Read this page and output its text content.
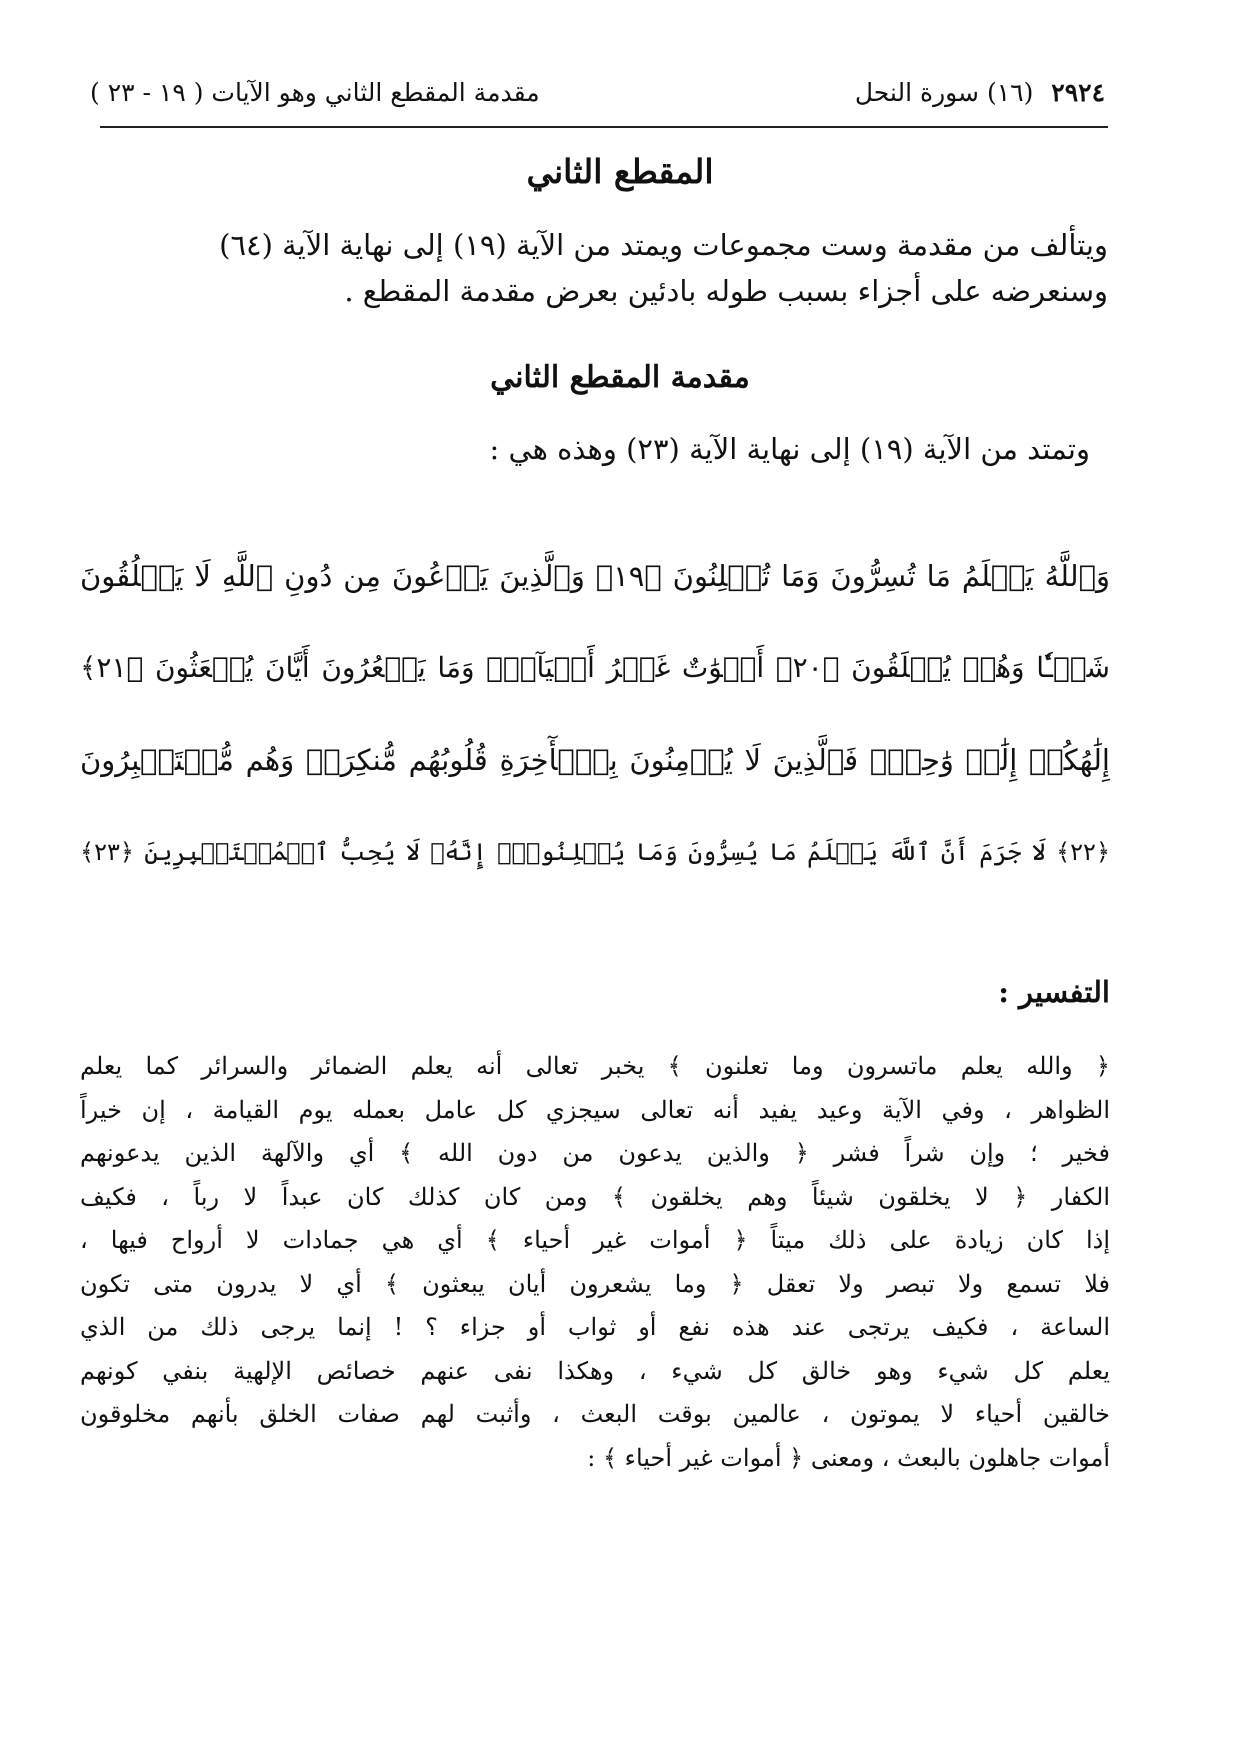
٢٩٢٤ (١٦) سورة النحل
مقدمة المقطع الثاني وهو الآيات ( ١٩ - ٢٣ )
المقطع الثاني
ويتألف من مقدمة وست مجموعات ويمتد من الآية (١٩) إلى نهاية الآية (٦٤)
وسنعرضه على أجزاء بسبب طوله بادئين بعرض مقدمة المقطع .
مقدمة المقطع الثاني
وتمتد من الآية (١٩) إلى نهاية الآية (٢٣) وهذه هي :
وَٱللَّهُ يَعۡلَمُ مَا تُسِرُّونَ وَمَا تُعۡلِنُونَ ﴿١٩﴾ وَٱلَّذِينَ يَدۡعُونَ مِن دُونِ ٱللَّهِ لَا يَخۡلُقُونَ
شَيۡـٔٗا وَهُمۡ يُخۡلَقُونَ ﴿٢٠﴾ أَمۡوَٰتٌ غَيۡرُ أَحۡيَآءٖۖ وَمَا يَشۡعُرُونَ أَيَّانَ يُبۡعَثُونَ ﴿٢١﴾
إِلَٰهُكُمۡ إِلَٰهٞ وَٰحِدٞۚ فَٱلَّذِينَ لَا يُؤۡمِنُونَ بِٱلۡأٓخِرَةِ قُلُوبُهُم مُّنكِرَةٞ وَهُم مُّسۡتَكۡبِرُونَ
﴿٢٢﴾ لَا جَرَمَ أَنَّ ٱللَّهَ يَعۡلَمُ مَا يُسِرُّونَ وَمَا يُعۡلِنُونَۚ إِنَّهُۥ لَا يُحِبُّ ٱلۡمُسۡتَكۡبِرِينَ ﴿٢٣﴾
التفسير :
﴿ والله يعلم ماتسرون وما تعلنون ﴾ يخبر تعالى أنه يعلم الضمائر والسرائر كما يعلم
الظواهر ، وفي الآية وعيد يفيد أنه تعالى سيجزي كل عامل بعمله يوم القيامة ، إن خيراً
فخير ؛ وإن شراً فشر ﴿ والذين يدعون من دون الله ﴾ أي والآلهة الذين يدعونهم
الكفار ﴿ لا يخلقون شيئاً وهم يخلقون ﴾ ومن كان كذلك كان عبداً لا رباً ، فكيف
إذا كان زيادة على ذلك ميتاً ﴿ أموات غير أحياء ﴾ أي هي جمادات لا أرواح فيها ،
فلا تسمع ولا تبصر ولا تعقل ﴿ وما يشعرون أيان يبعثون ﴾ أي لا يدرون متى تكون
الساعة ، فكيف يرتجى عند هذه نفع أو ثواب أو جزاء ؟ ! إنما يرجى ذلك من الذي
يعلم كل شيء وهو خالق كل شيء ، وهكذا نفى عنهم خصائص الإلهية بنفي كونهم
خالقين أحياء لا يموتون ، عالمين بوقت البعث ، وأثبت لهم صفات الخلق بأنهم مخلوقون
أموات جاهلون بالبعث ، ومعنى ﴿ أموات غير أحياء ﴾ :
